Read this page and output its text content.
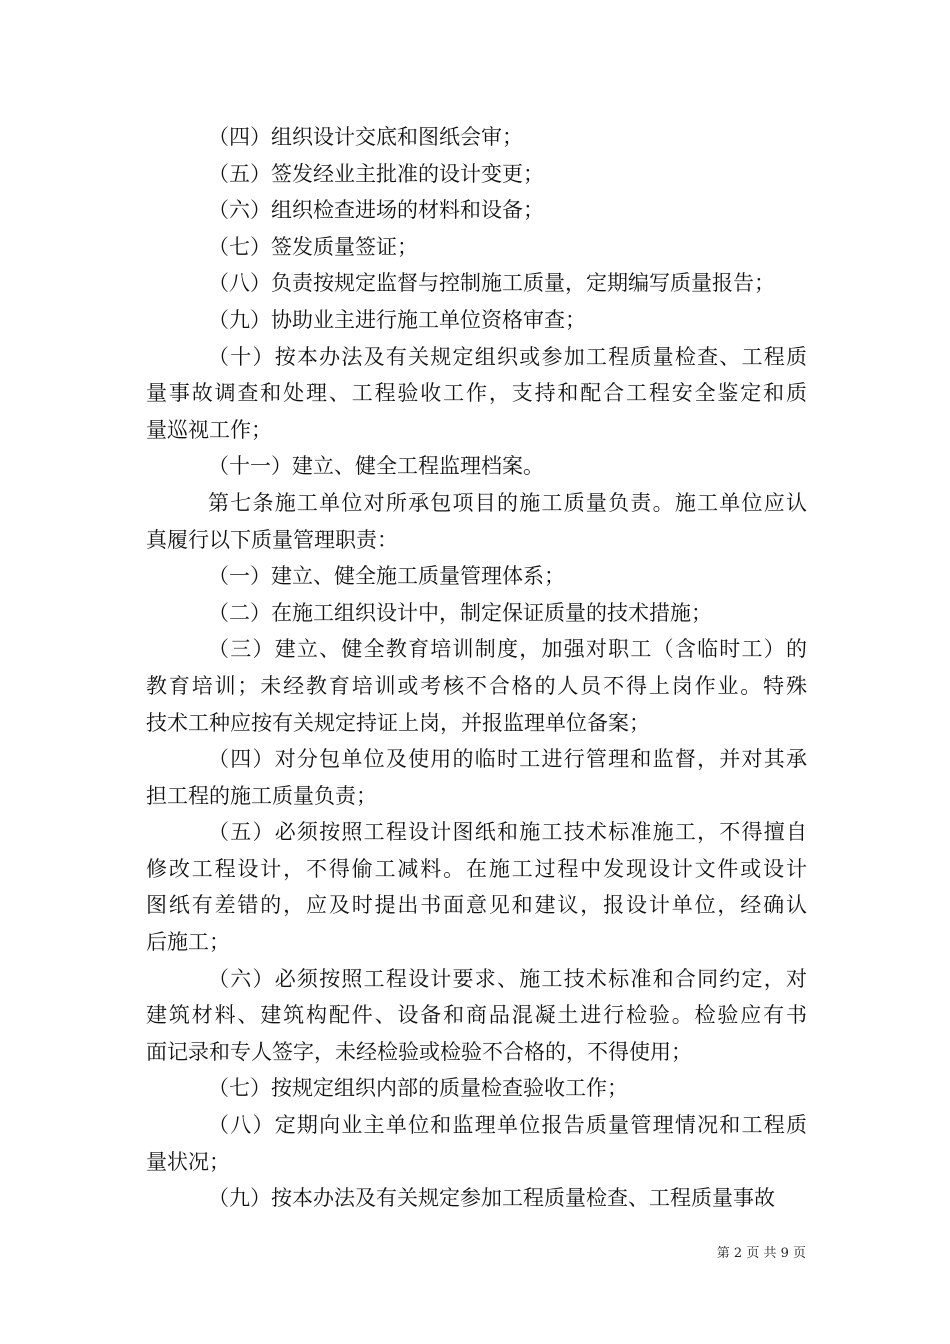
（四）组织设计交底和图纸会审；
（五）签发经业主批准的设计变更；
（六）组织检查进场的材料和设备；
（七）签发质量签证；
（八）负责按规定监督与控制施工质量，定期编写质量报告；
（九）协助业主进行施工单位资格审查；
（十）按本办法及有关规定组织或参加工程质量检查、工程质
量事故调查和处理、工程验收工作，支持和配合工程安全鉴定和质
量巡视工作；
（十一）建立、健全工程监理档案。
第七条施工单位对所承包项目的施工质量负责。施工单位应认
真履行以下质量管理职责：
（一）建立、健全施工质量管理体系；
（二）在施工组织设计中，制定保证质量的技术措施；
（三）建立、健全教育培训制度，加强对职工（含临时工）的
教育培训；未经教育培训或考核不合格的人员不得上岗作业。特殊
技术工种应按有关规定持证上岗，并报监理单位备案；
（四）对分包单位及使用的临时工进行管理和监督，并对其承
担工程的施工质量负责；
（五）必须按照工程设计图纸和施工技术标准施工，不得擅自
修改工程设计，不得偷工减料。在施工过程中发现设计文件或设计
图纸有差错的，应及时提出书面意见和建议，报设计单位，经确认
后施工；
（六）必须按照工程设计要求、施工技术标准和合同约定，对
建筑材料、建筑构配件、设备和商品混凝土进行检验。检验应有书
面记录和专人签字，未经检验或检验不合格的，不得使用；
（七）按规定组织内部的质量检查验收工作；
（八）定期向业主单位和监理单位报告质量管理情况和工程质
量状况；
（九）按本办法及有关规定参加工程质量检查、工程质量事故
第 2 页 共 9 页
